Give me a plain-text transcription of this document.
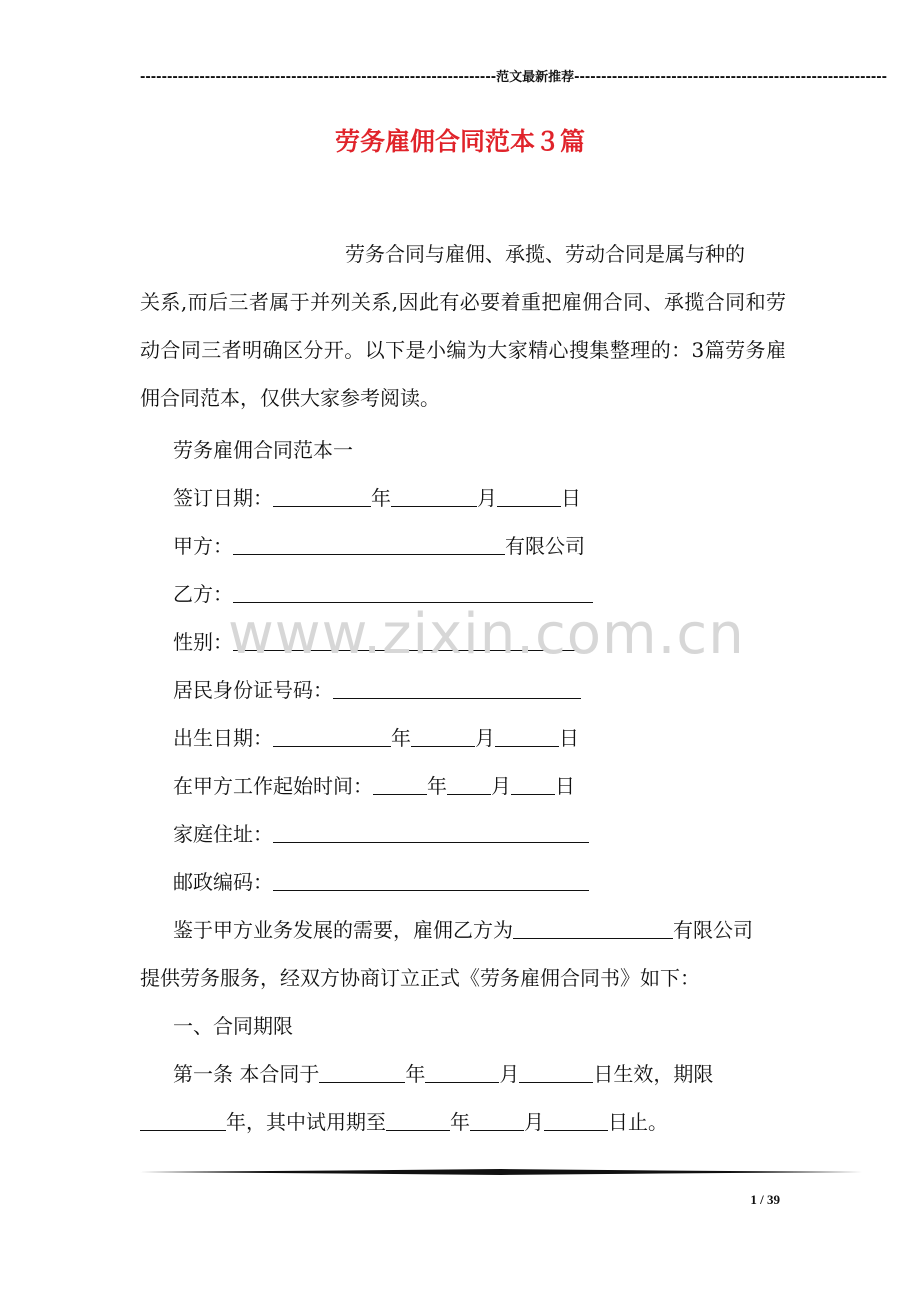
------------------------------------------------------------------范文最新推荐----------------------------------------------------------
劳务雇佣合同范本３篇
劳务合同与雇佣、承揽、劳动合同是属与种的
关系,而后三者属于并列关系,因此有必要着重把雇佣合同、承揽合同和劳动合同三者明确区分开。以下是小编为大家精心搜集整理的：3篇劳务雇佣合同范本，仅供大家参考阅读。
劳务雇佣合同范本一
签订日期：	年	月	日
甲方：	有限公司
乙方：
性别：
居民身份证号码：
出生日期：	年	月	日
在甲方工作起始时间：	年 月 日
家庭住址：
邮政编码：
鉴于甲方业务发展的需要，雇佣乙方为	有限公司
提供劳务服务，经双方协商订立正式《劳务雇佣合同书》如下：
一、合同期限
第一条 本合同于	年	月	日生效，期限
年，其中试用期至	年	月	日止。
www.zixin.com.cn
1 / 39
